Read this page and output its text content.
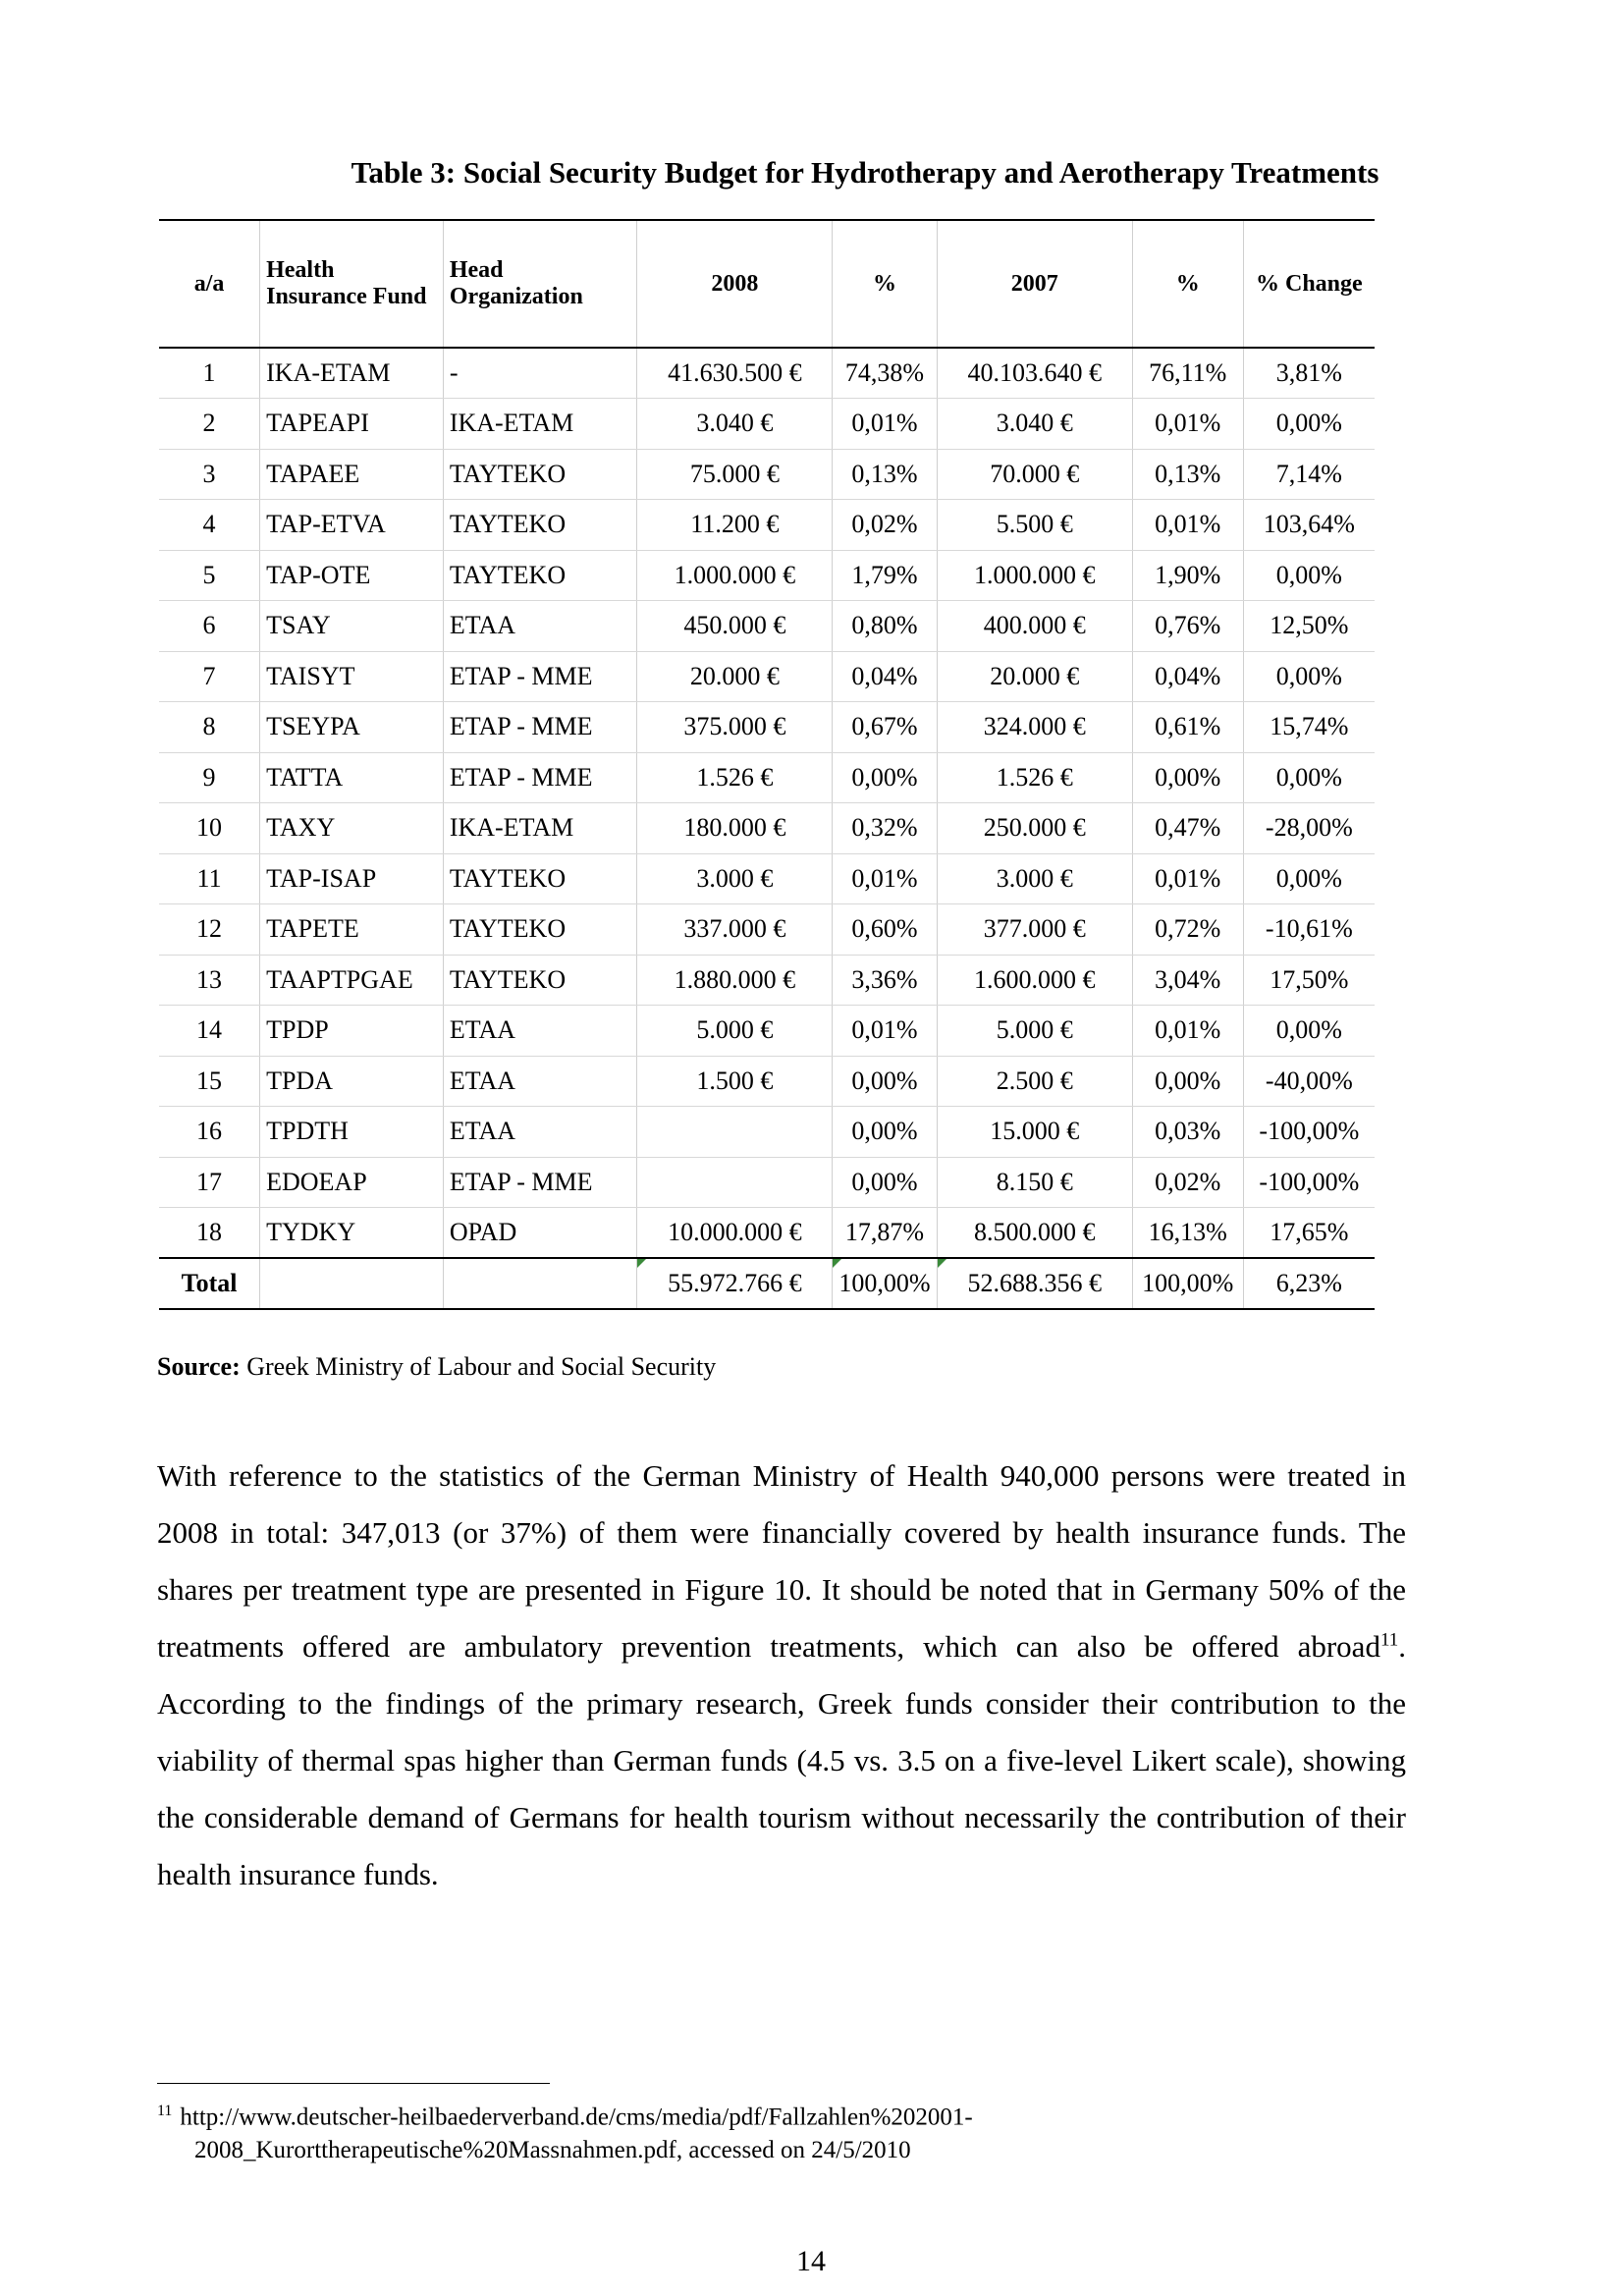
Table 3: Social Security Budget for Hydrotherapy and Aerotherapy Treatments
a/a	Health Insurance Fund	Head Organization	2008	%	2007	%	% Change
1	IKA-ETAM	-	41.630.500 €	74,38%	40.103.640 €	76,11%	3,81%
2	TAPEAPI	IKA-ETAM	3.040 €	0,01%	3.040 €	0,01%	0,00%
3	TAPAEE	TAYTEKO	75.000 €	0,13%	70.000 €	0,13%	7,14%
4	TAP-ETVA	TAYTEKO	11.200 €	0,02%	5.500 €	0,01%	103,64%
5	TAP-OTE	TAYTEKO	1.000.000 €	1,79%	1.000.000 €	1,90%	0,00%
6	TSAY	ETAA	450.000 €	0,80%	400.000 €	0,76%	12,50%
7	TAISYT	ETAP - MME	20.000 €	0,04%	20.000 €	0,04%	0,00%
8	TSEYPA	ETAP - MME	375.000 €	0,67%	324.000 €	0,61%	15,74%
9	TATTA	ETAP - MME	1.526 €	0,00%	1.526 €	0,00%	0,00%
10	TAXY	IKA-ETAM	180.000 €	0,32%	250.000 €	0,47%	-28,00%
11	TAP-ISAP	TAYTEKO	3.000 €	0,01%	3.000 €	0,01%	0,00%
12	TAPETE	TAYTEKO	337.000 €	0,60%	377.000 €	0,72%	-10,61%
13	TAAPTPGAE	TAYTEKO	1.880.000 €	3,36%	1.600.000 €	3,04%	17,50%
14	TPDP	ETAA	5.000 €	0,01%	5.000 €	0,01%	0,00%
15	TPDA	ETAA	1.500 €	0,00%	2.500 €	0,00%	-40,00%
16	TPDTH	ETAA		0,00%	15.000 €	0,03%	-100,00%
17	EDOEAP	ETAP - MME		0,00%	8.150 €	0,02%	-100,00%
18	TYDKY	OPAD	10.000.000 €	17,87%	8.500.000 €	16,13%	17,65%
Total			55.972.766 €	100,00%	52.688.356 €	100,00%	6,23%
Source: Greek Ministry of Labour and Social Security
With reference to the statistics of the German Ministry of Health 940,000 persons were treated in 2008 in total: 347,013 (or 37%) of them were financially covered by health insurance funds. The shares per treatment type are presented in Figure 10. It should be noted that in Germany 50% of the treatments offered are ambulatory prevention treatments, which can also be offered abroad$^{11}$. According to the findings of the primary research, Greek funds consider their contribution to the viability of thermal spas higher than German funds (4.5 vs. 3.5 on a five-level Likert scale), showing the considerable demand of Germans for health tourism without necessarily the contribution of their health insurance funds.
$^{11}$ http://www.deutscher-heilbaederverband.de/cms/media/pdf/Fallzahlen%202001-
2008_Kurorttherapeutische%20Massnahmen.pdf, accessed on 24/5/2010
14
